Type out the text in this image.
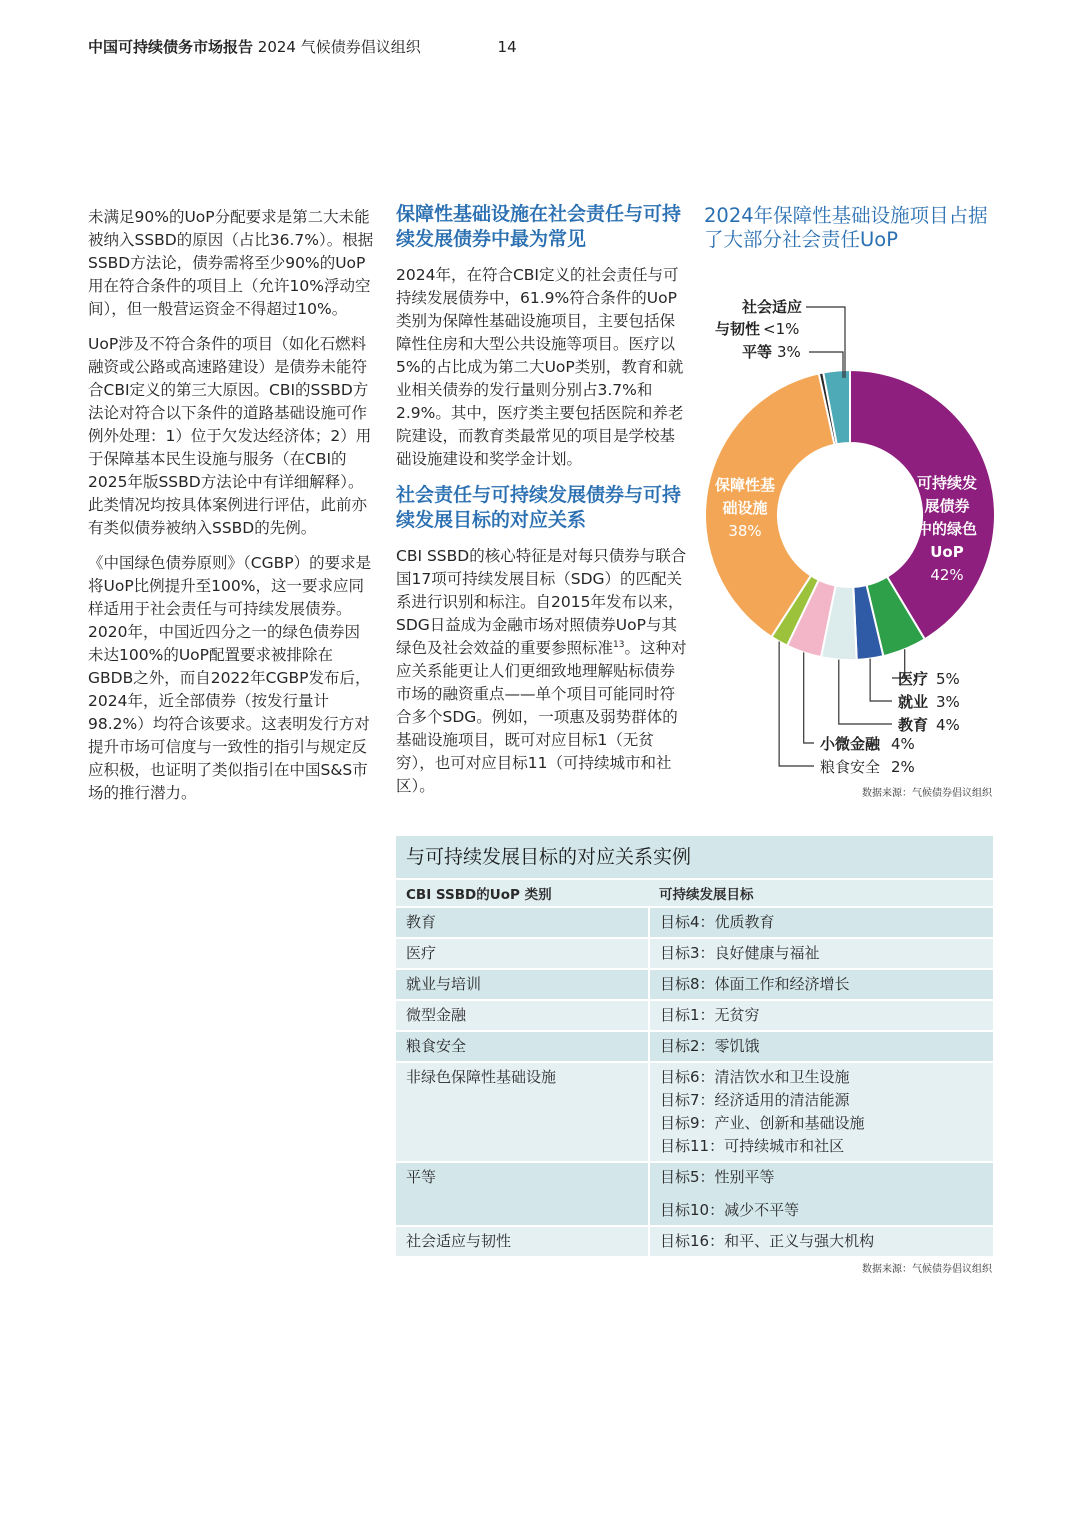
中国可持续债务市场报告 2024 气候债券倡议组织	14

未满足90%的UoP分配要求是第二大未能被纳入SSBD的原因（占比36.7%）。根据SSBD方法论，债券需将至少90%的UoP用在符合条件的项目上（允许10%浮动空间），但一般营运资金不得超过10%。

UoP涉及不符合条件的项目（如化石燃料融资或公路或高速路建设）是债券未能符合CBI定义的第三大原因。CBI的SSBD方法论对符合以下条件的道路基础设施可作例外处理：1）位于欠发达经济体；2）用于保障基本民生设施与服务（在CBI的2025年版SSBD方法论中有详细解释）。此类情况均按具体案例进行评估，此前亦有类似债券被纳入SSBD的先例。

《中国绿色债券原则》（CGBP）的要求是将UoP比例提升至100%，这一要求应同样适用于社会责任与可持续发展债券。2020年，中国近四分之一的绿色债券因未达100%的UoP配置要求被排除在GBDB之外，而自2022年CGBP发布后，2024年，近全部债券（按发行量计98.2%）均符合该要求。这表明发行方对提升市场可信度与一致性的指引与规定反应积极，也证明了类似指引在中国S&S市场的推行潜力。

保障性基础设施在社会责任与可持续发展债券中最为常见

2024年，在符合CBI定义的社会责任与可持续发展债券中，61.9%符合条件的UoP类别为保障性基础设施项目，主要包括保障性住房和大型公共设施等项目。医疗以5%的占比成为第二大UoP类别，教育和就业相关债券的发行量则分别占3.7%和2.9%。其中，医疗类主要包括医院和养老院建设，而教育类最常见的项目是学校基础设施建设和奖学金计划。

社会责任与可持续发展债券与可持续发展目标的对应关系

CBI SSBD的核心特征是对每只债券与联合国17项可持续发展目标（SDG）的匹配关系进行识别和标注。自2015年发布以来，SDG日益成为金融市场对照债券UoP与其绿色及社会效益的重要参照标准$^{13}$。这种对应关系能更让人们更细致地理解贴标债券市场的融资重点——单个项目可能同时符合多个SDG。例如，一项惠及弱势群体的基础设施项目，既可对应目标1（无贫穷），也可对应目标11（可持续城市和社区）。

2024年保障性基础设施项目占据了大部分社会责任UoP
可持续发
展债券
中的绿色
UoP
42%
保障性基
础设施
38%
社会适应
与韧性 <1%
平等 3%
医疗 5%
就业 3%
教育 4%
小微金融 4%
粮食安全 2%
数据来源：气候债券倡议组织
与可持续发展目标的对应关系实例
CBI SSBD的UoP 类别	可持续发展目标
教育	目标4：优质教育

医疗	目标3：良好健康与福祉

就业与培训	目标8：体面工作和经济增长

微型金融	目标1：无贫穷

粮食安全	目标2：零饥饿

非绿色保障性基础设施	目标6：清洁饮水和卫生设施
目标7：经济适用的清洁能源
目标9：产业、创新和基础设施
目标11：可持续城市和社区

平等	目标5：性别平等
目标10：减少不平等

社会适应与韧性	目标16：和平、正义与强大机构
数据来源：气候债券倡议组织
